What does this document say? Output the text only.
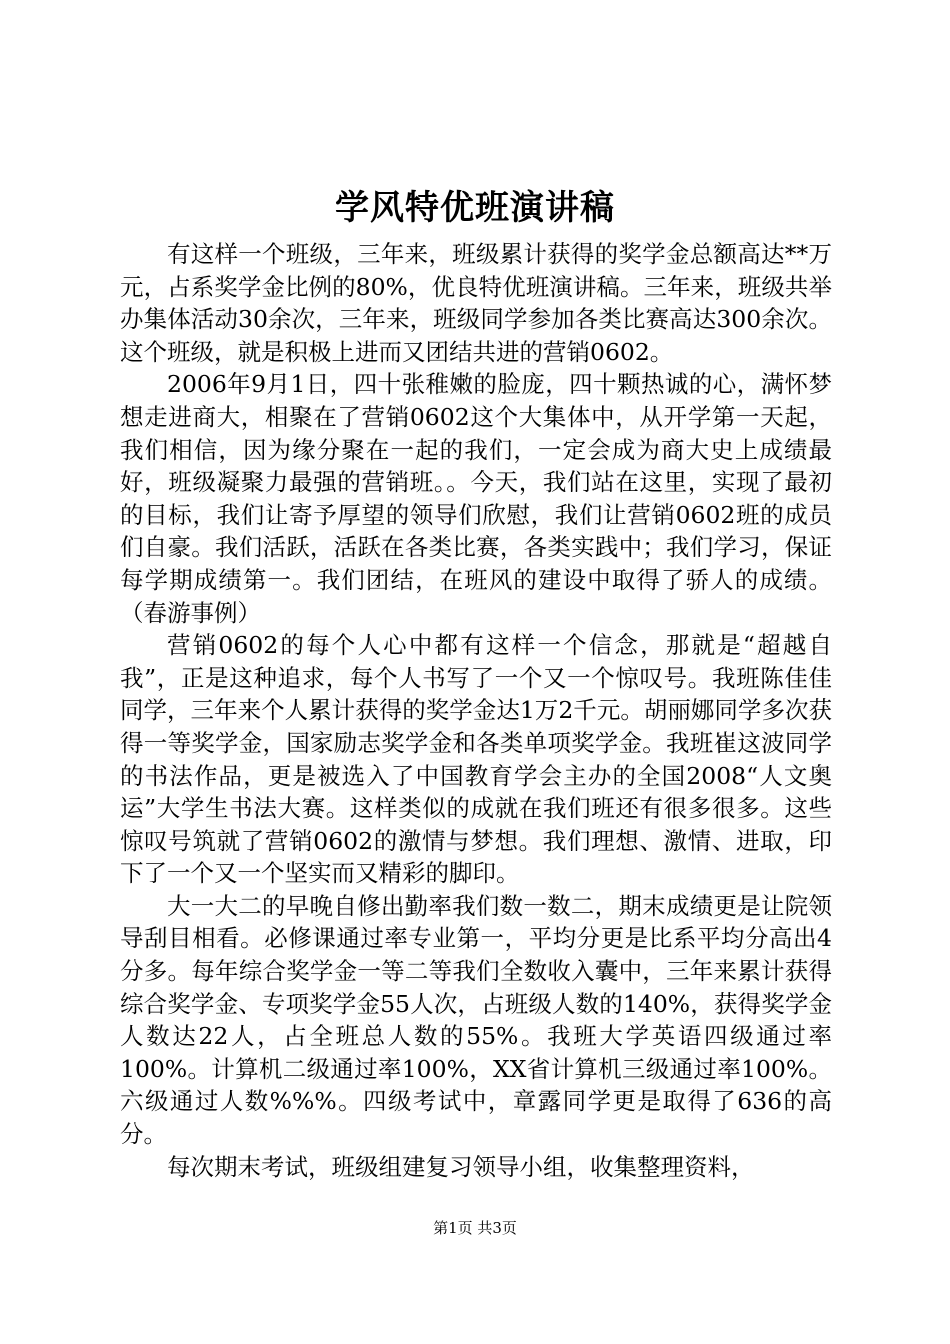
学风特优班演讲稿

有这样一个班级，三年来，班级累计获得的奖学金总额高达**万元，占系奖学金比例的80%，优良特优班演讲稿。三年来，班级共举办集体活动30余次，三年来，班级同学参加各类比赛高达300余次。这个班级，就是积极上进而又团结共进的营销0602。

2006年9月1日，四十张稚嫩的脸庞，四十颗热诚的心，满怀梦想走进商大，相聚在了营销0602这个大集体中，从开学第一天起，我们相信，因为缘分聚在一起的我们，一定会成为商大史上成绩最好，班级凝聚力最强的营销班。。今天，我们站在这里，实现了最初的目标，我们让寄予厚望的领导们欣慰，我们让营销0602班的成员们自豪。我们活跃，活跃在各类比赛，各类实践中；我们学习，保证每学期成绩第一。我们团结，在班风的建设中取得了骄人的成绩。（春游事例）

营销0602的每个人心中都有这样一个信念，那就是“超越自我”，正是这种追求，每个人书写了一个又一个惊叹号。我班陈佳佳同学，三年来个人累计获得的奖学金达1万2千元。胡丽娜同学多次获得一等奖学金，国家励志奖学金和各类单项奖学金。我班崔这波同学的书法作品，更是被选入了中国教育学会主办的全国2008“人文奥运”大学生书法大赛。这样类似的成就在我们班还有很多很多。这些惊叹号筑就了营销0602的激情与梦想。我们理想、激情、进取，印下了一个又一个坚实而又精彩的脚印。

大一大二的早晚自修出勤率我们数一数二，期末成绩更是让院领导刮目相看。必修课通过率专业第一，平均分更是比系平均分高出4分多。每年综合奖学金一等二等我们全数收入囊中，三年来累计获得综合奖学金、专项奖学金55人次，占班级人数的140%，获得奖学金人数达22人，占全班总人数的55%。我班大学英语四级通过率100%。计算机二级通过率100%，XX省计算机三级通过率100%。六级通过人数%%%。四级考试中，章露同学更是取得了636的高分。

每次期末考试，班级组建复习领导小组，收集整理资料，

第1页 共3页
